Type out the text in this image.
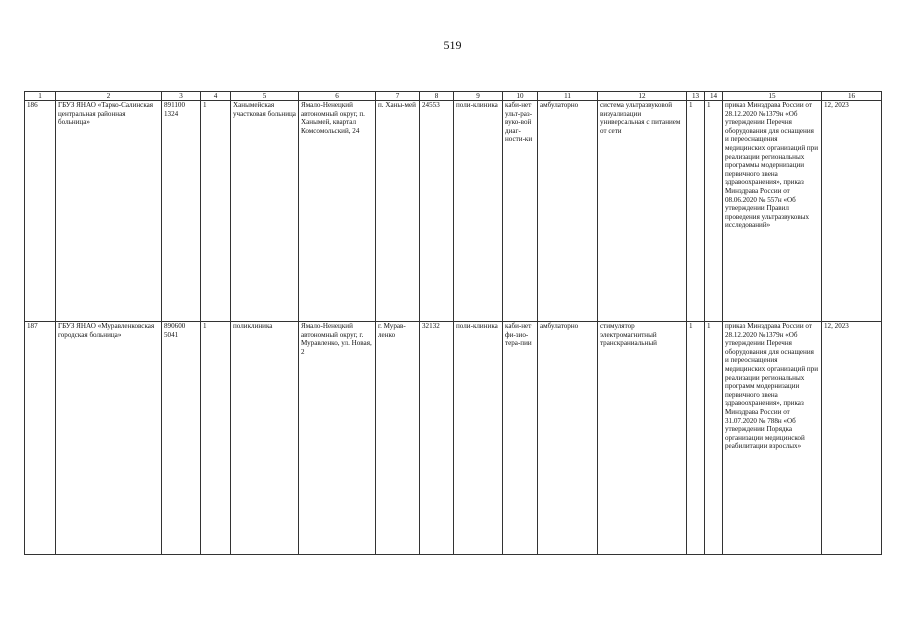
519
1	2	3	4	5	6	7	8	9	10	11	12	13	14	15	16
186	ГБУЗ ЯНАО «Тарко-Салинская центральная районная больница»	891100 1324	1	Ханымейская участковая больница	Ямало-Ненецкий автономный округ, п. Ханымей, квартал Комсомольский, 24	п. Ханы-мей	24553	поли-клиника	каби-нет ульт-раз-вуко-вой диаг-ности-ки	амбулаторно	система ультразвуковой визуализации универсальная с питанием от сети	1	1	приказ Минздрава России от 28.12.2020 №1379н «Об утверждении Перечня оборудования для оснащения и переоснащения медицинских организаций при реализации региональных программы модернизации первичного звена здравоохранения», приказ Минздрава России от 08.06.2020 № 557н «Об утверждении Правил проведения ультразвуковых исследований»	12, 2023
187	ГБУЗ ЯНАО «Муравленковская городская больница»	890600 5041	1	поликлиника	Ямало-Ненецкий автономный округ, г. Муравленко, ул. Новая, 2	г. Мурав-ленко	32132	поли-клиника	каби-нет фи-зио-тера-пии	амбулаторно	стимулятор электромагнитный транскраниальный	1	1	приказ Минздрава России от 28.12.2020 №1379н «Об утверждении Перечня оборудования для оснащения и переоснащения медицинских организаций при реализации региональных программ модернизации первичного звена здравоохранения», приказ Минздрава России от 31.07.2020 № 788н «Об утверждении Порядка организации медицинской реабилитации взрослых»	12, 2023
